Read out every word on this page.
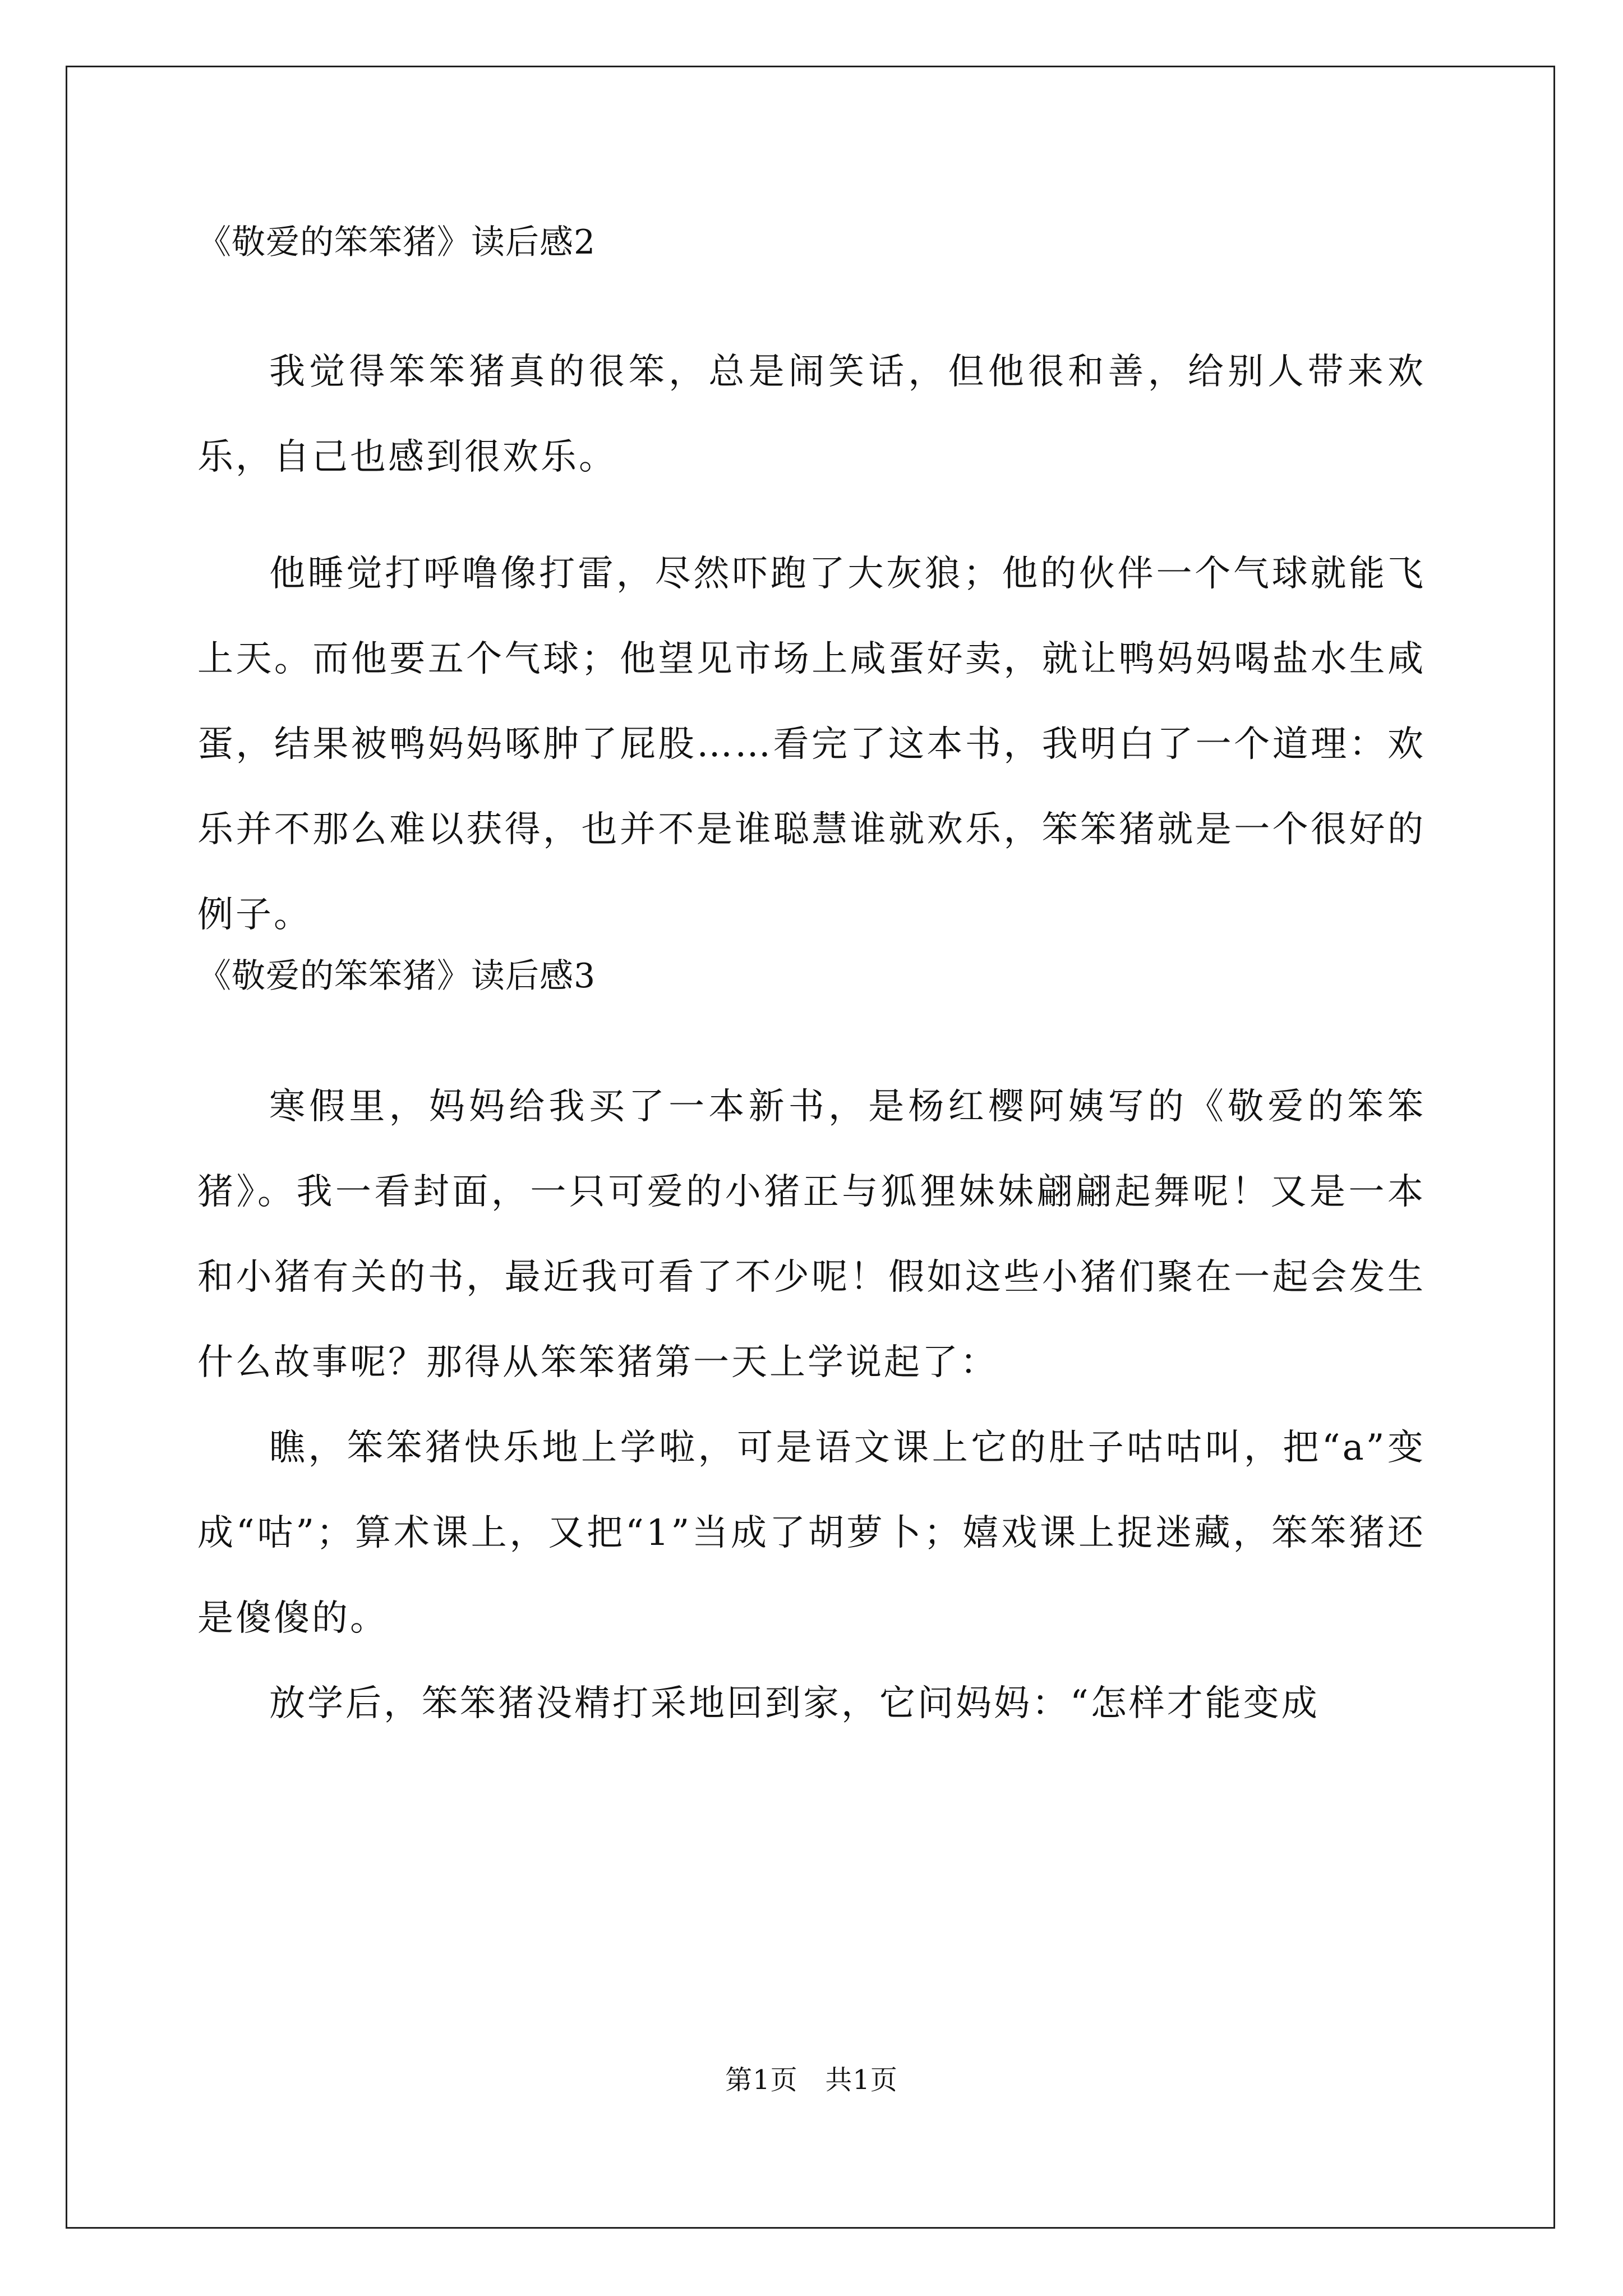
《敬爱的笨笨猪》读后感2

我觉得笨笨猪真的很笨，总是闹笑话，但他很和善，给别人带来欢乐，自己也感到很欢乐。

他睡觉打呼噜像打雷，尽然吓跑了大灰狼；他的伙伴一个气球就能飞上天。而他要五个气球；他望见市场上咸蛋好卖，就让鸭妈妈喝盐水生咸蛋，结果被鸭妈妈啄肿了屁股……看完了这本书，我明白了一个道理：欢乐并不那么难以获得，也并不是谁聪慧谁就欢乐，笨笨猪就是一个很好的例子。

《敬爱的笨笨猪》读后感3

寒假里，妈妈给我买了一本新书，是杨红樱阿姨写的《敬爱的笨笨猪》。我一看封面，一只可爱的小猪正与狐狸妹妹翩翩起舞呢！又是一本和小猪有关的书，最近我可看了不少呢！假如这些小猪们聚在一起会发生什么故事呢？那得从笨笨猪第一天上学说起了：

瞧，笨笨猪快乐地上学啦，可是语文课上它的肚子咕咕叫，把“a”变成“咕”；算术课上，又把“1”当成了胡萝卜；嬉戏课上捉迷藏，笨笨猪还是傻傻的。

放学后，笨笨猪没精打采地回到家，它问妈妈：“怎样才能变成

第1页   共1页
